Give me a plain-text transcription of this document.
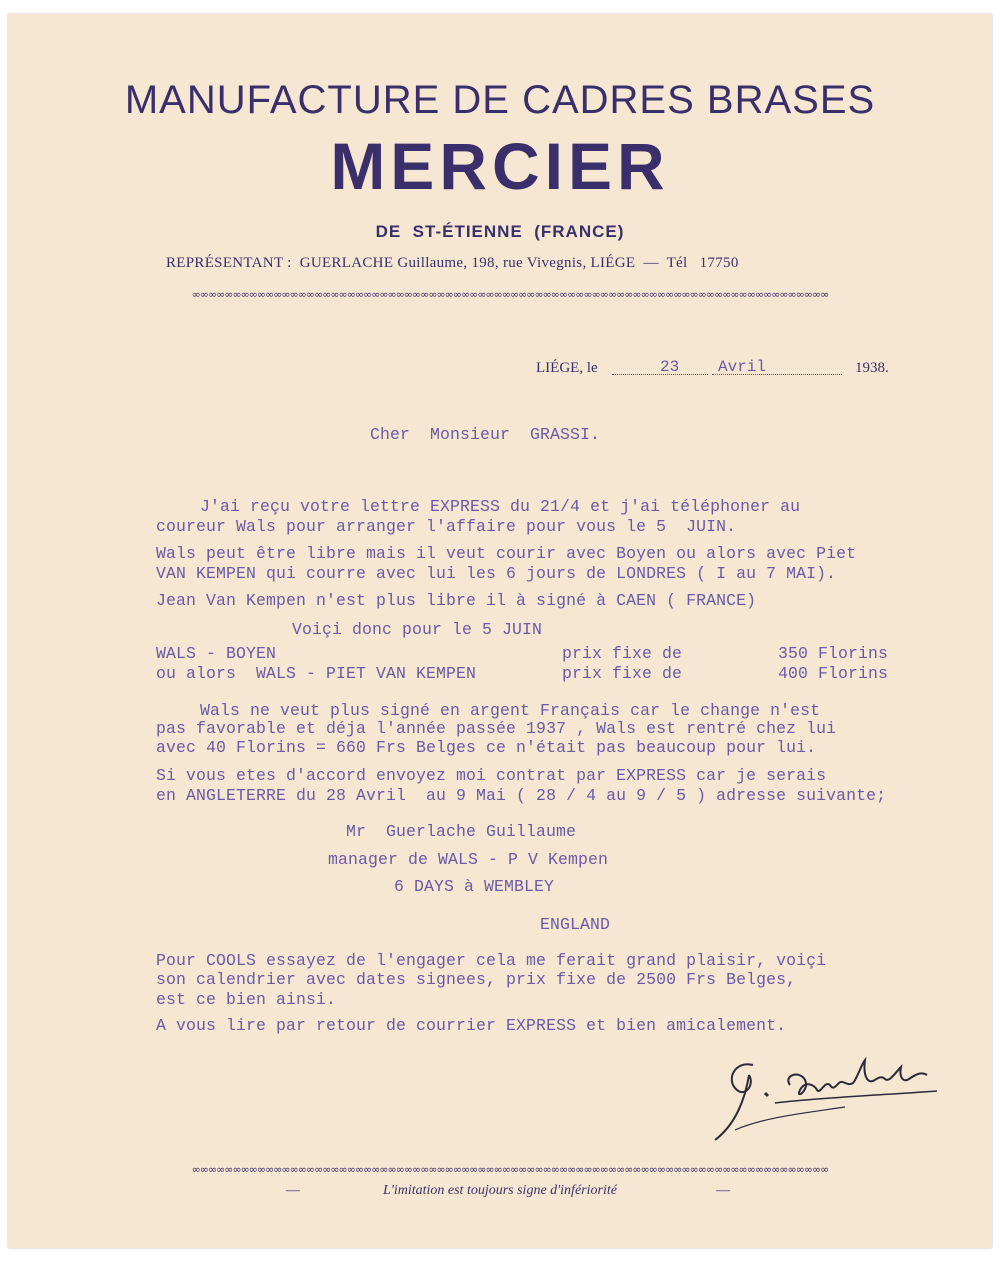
MANUFACTURE DE CADRES BRASES
MERCIER
DE  ST-ÉTIENNE  (FRANCE)
REPRÉSENTANT :  GUERLACHE Guillaume, 198, rue Vivegnis, LIÉGE  —  Tél   17750
∞∞∞∞∞∞∞∞∞∞∞∞∞∞∞∞∞∞∞∞∞∞∞∞∞∞∞∞∞∞∞∞∞∞∞∞∞∞∞∞∞∞∞∞∞∞∞∞∞∞∞∞∞∞∞∞∞∞∞∞∞∞∞∞∞∞∞∞∞∞∞∞∞∞∞∞∞∞
LIÉGE, le	23 Avril	1938.
Cher  Monsieur  GRASSI.
J'ai reçu votre lettre EXPRESS du 21/4 et j'ai téléphoner au
coureur Wals pour arranger l'affaire pour vous le 5  JUIN.
Wals peut être libre mais il veut courir avec Boyen ou alors avec Piet
VAN KEMPEN qui courre avec lui les 6 jours de LONDRES ( I au 7 MAI).
Jean Van Kempen n'est plus libre il à signé à CAEN ( FRANCE)
Voiçi donc pour le 5 JUIN
WALS - BOYEN	prix fixe de	350 Florins
ou alors  WALS - PIET VAN KEMPEN	prix fixe de	400 Florins
Wals ne veut plus signé en argent Français car le change n'est
pas favorable et déja l'année passée 1937 , Wals est rentré chez lui
avec 40 Florins = 660 Frs Belges ce n'était pas beaucoup pour lui.
Si vous etes d'accord envoyez moi contrat par EXPRESS car je serais
en ANGLETERRE du 28 Avril  au 9 Mai ( 28 / 4 au 9 / 5 ) adresse suivante;
Mr  Guerlache Guillaume
manager de WALS - P V Kempen
6 DAYS à WEMBLEY
ENGLAND
Pour COOLS essayez de l'engager cela me ferait grand plaisir, voiçi
son calendrier avec dates signees, prix fixe de 2500 Frs Belges,
est ce bien ainsi.
A vous lire par retour de courrier EXPRESS et bien amicalement.
∞∞∞∞∞∞∞∞∞∞∞∞∞∞∞∞∞∞∞∞∞∞∞∞∞∞∞∞∞∞∞∞∞∞∞∞∞∞∞∞∞∞∞∞∞∞∞∞∞∞∞∞∞∞∞∞∞∞∞∞∞∞∞∞∞∞∞∞∞∞∞∞∞∞∞∞∞∞
—	L'imitation est toujours signe d'infériorité	—
